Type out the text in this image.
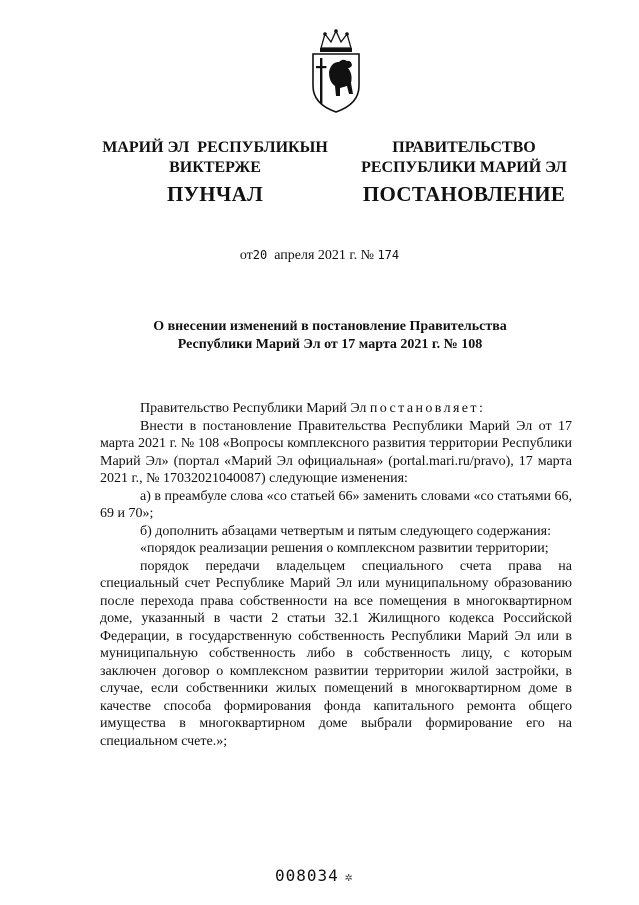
МАРИЙ ЭЛ  РЕСПУБЛИКЫН
ВИКТЕРЖЕ
ПУНЧАЛ
ПРАВИТЕЛЬСТВО
РЕСПУБЛИКИ МАРИЙ ЭЛ
ПОСТАНОВЛЕНИЕ
от20 апреля 2021 г. № 174
О внесении изменений в постановление Правительства
Республики Марий Эл от 17 марта 2021 г. № 108

Правительство Республики Марий Эл постановляет:

Внести в постановление Правительства Республики Марий Эл от 17 марта 2021 г. № 108 «Вопросы комплексного развития территории Республики Марий Эл» (портал «Марий Эл официальная» (portal.mari.ru/pravo), 17 марта 2021 г., № 17032021040087) следующие изменения:

а) в преамбуле слова «со статьей 66» заменить словами «со статьями 66, 69 и 70»;

б) дополнить абзацами четвертым и пятым следующего содержания:

«порядок реализации решения о комплексном развитии территории;

порядок передачи владельцем специального счета права на специальный счет Республике Марий Эл или муниципальному образованию после перехода права собственности на все помещения в многоквартирном доме, указанный в части 2 статьи 32.1 Жилищного кодекса Российской Федерации, в государственную собственность Республики Марий Эл или в муниципальную собственность либо в собственность лицу, с которым заключен договор о комплексном развитии территории жилой застройки, в случае, если собственники жилых помещений в многоквартирном доме в качестве способа формирования фонда капитального ремонта общего имущества в многоквартирном доме выбрали формирование его на специальном счете.»;

008034 ✲
